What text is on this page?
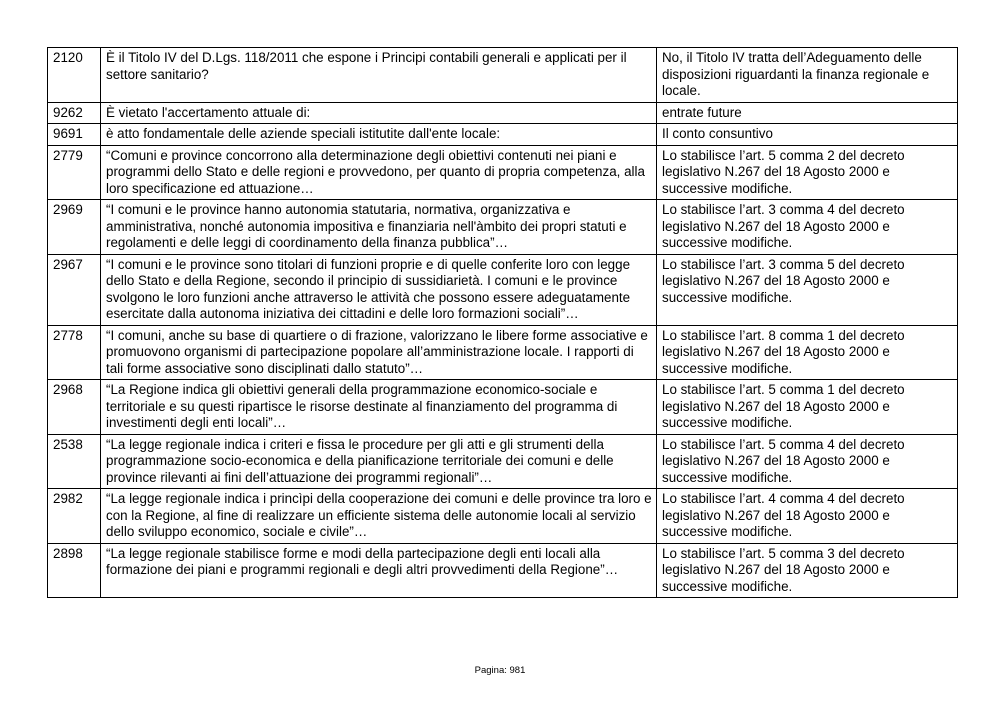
2120	È il Titolo IV del D.Lgs. 118/2011 che espone i Principi contabili generali e applicati per il settore sanitario?	No, il Titolo IV tratta dell’Adeguamento delle disposizioni riguardanti la finanza regionale e locale.
9262	È vietato l'accertamento attuale di:	entrate future
9691	è atto fondamentale delle aziende speciali istitutite dall'ente locale:	Il conto consuntivo
2779	“Comuni e province concorrono alla determinazione degli obiettivi contenuti nei piani e programmi dello Stato e delle regioni e provvedono, per quanto di propria competenza, alla loro specificazione ed attuazione…	Lo stabilisce l’art. 5 comma 2 del decreto legislativo N.267 del 18 Agosto 2000 e successive modifiche.
2969	“I comuni e le province hanno autonomia statutaria, normativa, organizzativa e amministrativa, nonché autonomia impositiva e finanziaria nell'àmbito dei propri statuti e regolamenti e delle leggi di coordinamento della finanza pubblica”…	Lo stabilisce l’art. 3 comma 4 del decreto legislativo N.267 del 18 Agosto 2000 e successive modifiche.
2967	“I comuni e le province sono titolari di funzioni proprie e di quelle conferite loro con legge dello Stato e della Regione, secondo il principio di sussidiarietà. I comuni e le province svolgono le loro funzioni anche attraverso le attività che possono essere adeguatamente esercitate dalla autonoma iniziativa dei cittadini e delle loro formazioni sociali”…	Lo stabilisce l’art. 3 comma 5 del decreto legislativo N.267 del 18 Agosto 2000 e successive modifiche.
2778	“I comuni, anche su base di quartiere o di frazione, valorizzano le libere forme associative e promuovono organismi di partecipazione popolare all’amministrazione locale. I rapporti di tali forme associative sono disciplinati dallo statuto”…	Lo stabilisce l’art. 8 comma 1 del decreto legislativo N.267 del 18 Agosto 2000 e successive modifiche.
2968	“La Regione indica gli obiettivi generali della programmazione economico-sociale e territoriale e su questi ripartisce le risorse destinate al finanziamento del programma di investimenti degli enti locali”…	Lo stabilisce l’art. 5 comma 1 del decreto legislativo N.267 del 18 Agosto 2000 e successive modifiche.
2538	“La legge regionale indica i criteri e fissa le procedure per gli atti e gli strumenti della programmazione socio-economica e della pianificazione territoriale dei comuni e delle province rilevanti ai fini dell’attuazione dei programmi regionali”…	Lo stabilisce l’art. 5 comma 4 del decreto legislativo N.267 del 18 Agosto 2000 e successive modifiche.
2982	“La legge regionale indica i princìpi della cooperazione dei comuni e delle province tra loro e con la Regione, al fine di realizzare un efficiente sistema delle autonomie locali al servizio dello sviluppo economico, sociale e civile”…	Lo stabilisce l’art. 4 comma 4 del decreto legislativo N.267 del 18 Agosto 2000 e successive modifiche.
2898	“La legge regionale stabilisce forme e modi della partecipazione degli enti locali alla formazione dei piani e programmi regionali e degli altri provvedimenti della Regione”…	Lo stabilisce l’art. 5 comma 3 del decreto legislativo N.267 del 18 Agosto 2000 e successive modifiche.
Pagina: 981
